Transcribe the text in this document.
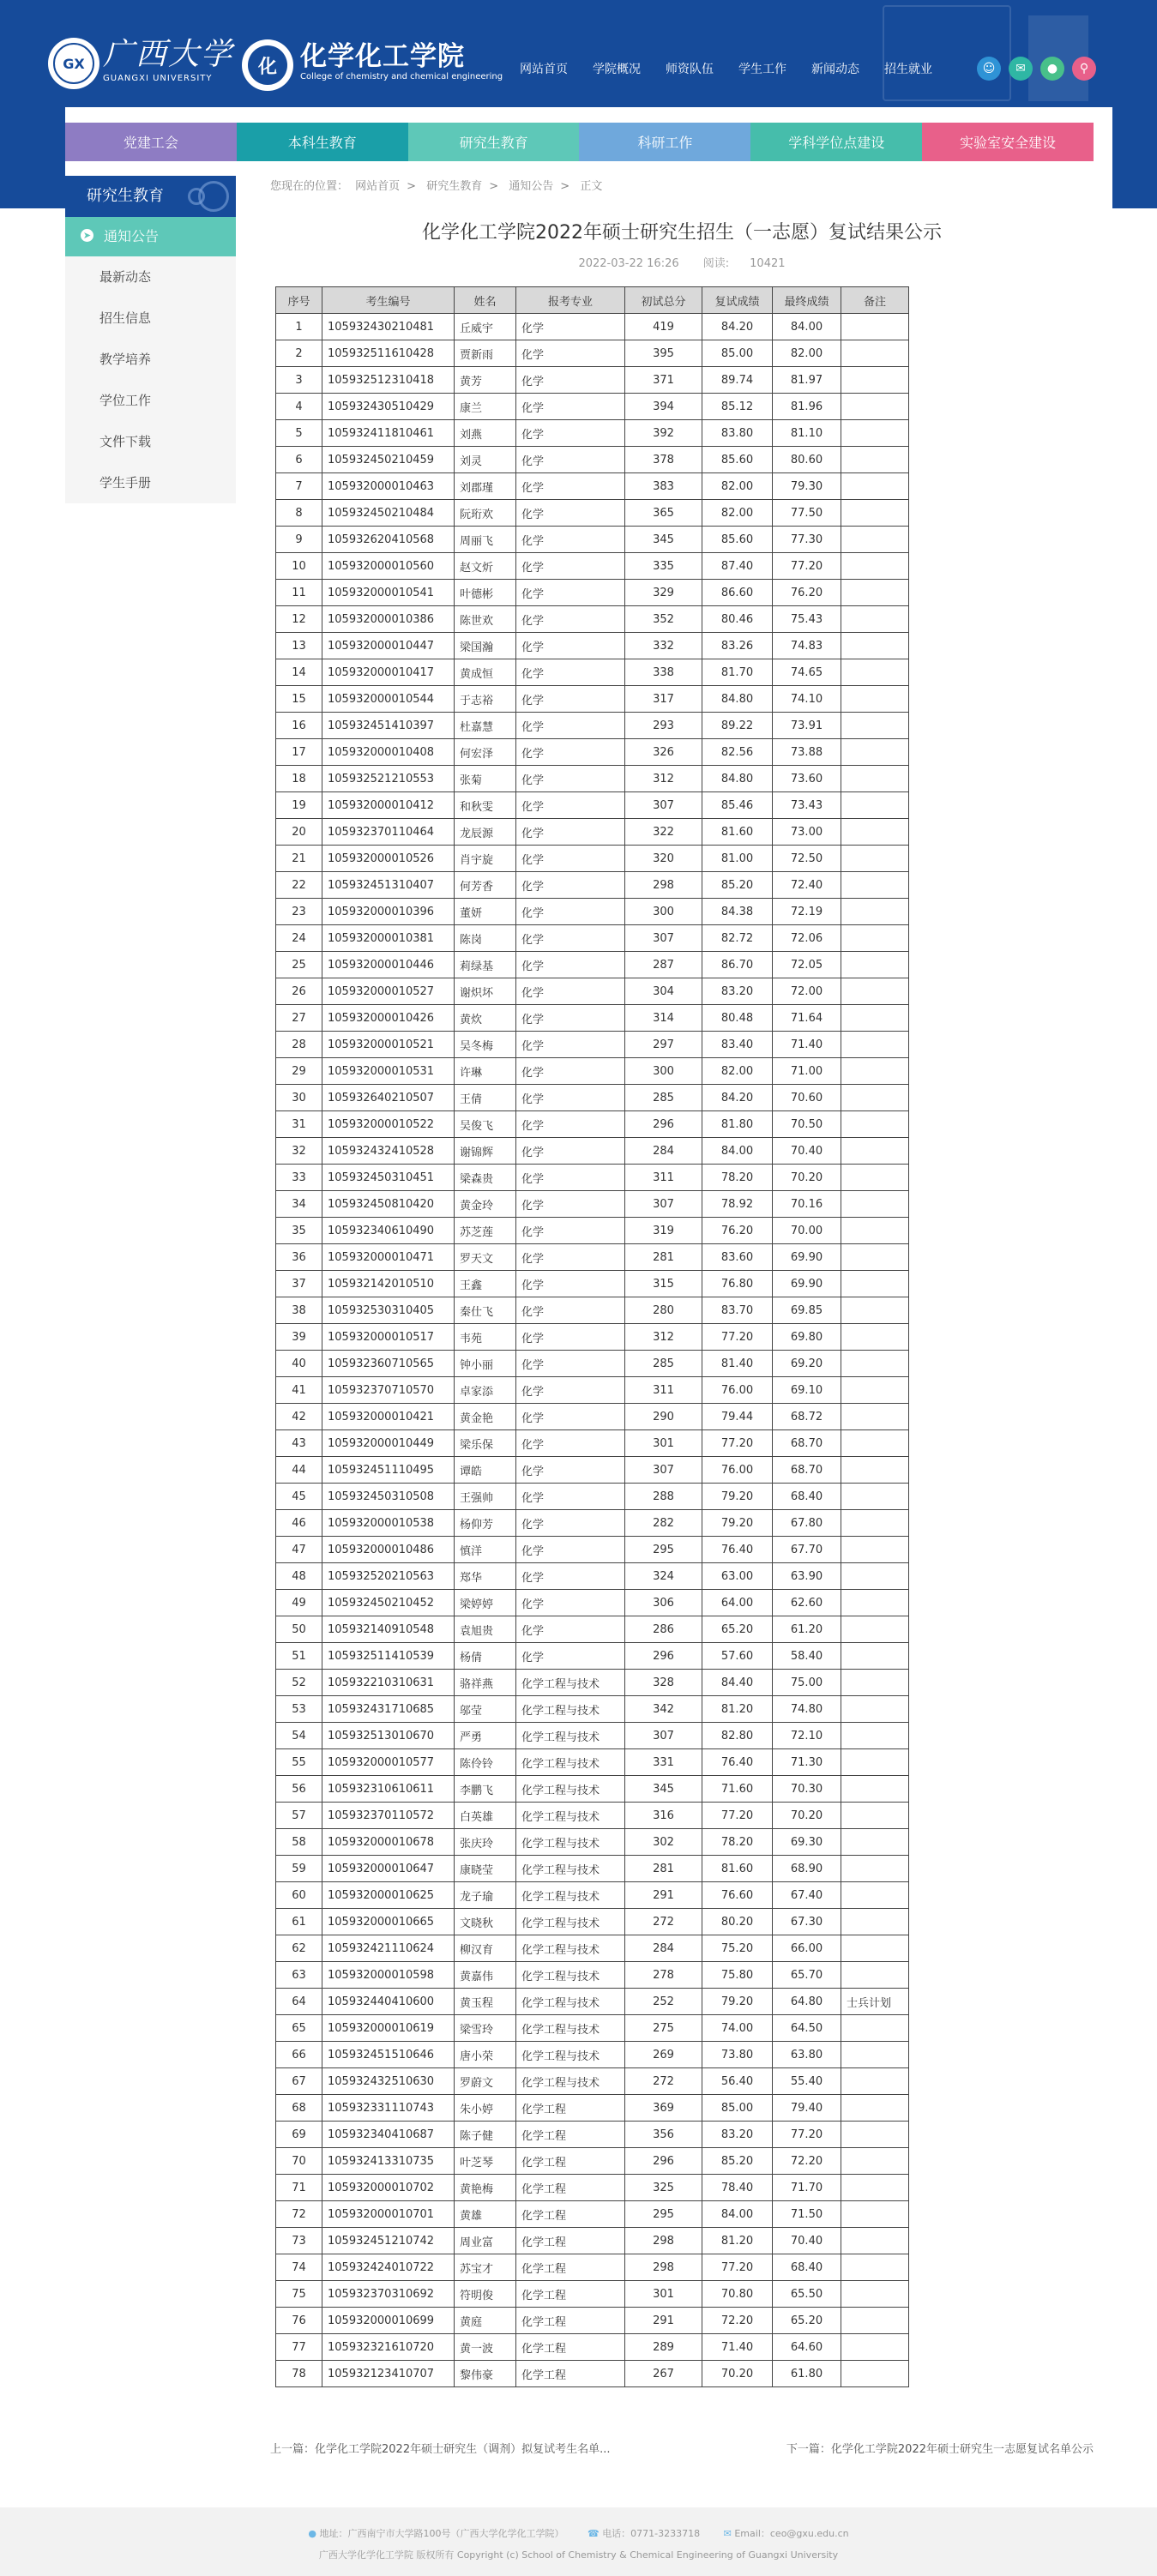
GX 广西大学
GUANGXI UNIVERSITY
化 化学化工学院
College of chemistry and chemical engineering
网站首页 学院概况 师资队伍 学生工作 新闻动态 招生就业	☺	✉	●	⚲
党建工会	本科生教育	研究生教育	科研工作	学科学位点建设	实验室安全建设
研究生教育
➤ 通知公告
最新动态
招生信息
教学培养
学位工作
文件下载
学生手册
您现在的位置： 网站首页 > 研究生教育 > 通知公告 > 正文
化学化工学院2022年硕士研究生招生（一志愿）复试结果公示
2022-03-22 16:26 阅读: 10421
序号	考生编号	姓名	报考专业	初试总分	复试成绩	最终成绩	备注
1	105932430210481	丘威宇	化学	419	84.20	84.00	
2	105932511610428	贾新雨	化学	395	85.00	82.00	
3	105932512310418	黄芳	化学	371	89.74	81.97	
4	105932430510429	康兰	化学	394	85.12	81.96	
5	105932411810461	刘燕	化学	392	83.80	81.10	
6	105932450210459	刘灵	化学	378	85.60	80.60	
7	105932000010463	刘郡瑾	化学	383	82.00	79.30	
8	105932450210484	阮珩欢	化学	365	82.00	77.50	
9	105932620410568	周丽飞	化学	345	85.60	77.30	
10	105932000010560	赵文炘	化学	335	87.40	77.20	
11	105932000010541	叶德彬	化学	329	86.60	76.20	
12	105932000010386	陈世欢	化学	352	80.46	75.43	
13	105932000010447	梁国瀚	化学	332	83.26	74.83	
14	105932000010417	黄成恒	化学	338	81.70	74.65	
15	105932000010544	于志裕	化学	317	84.80	74.10	
16	105932451410397	杜嘉慧	化学	293	89.22	73.91	
17	105932000010408	何宏泽	化学	326	82.56	73.88	
18	105932521210553	张菊	化学	312	84.80	73.60	
19	105932000010412	和秋雯	化学	307	85.46	73.43	
20	105932370110464	龙辰源	化学	322	81.60	73.00	
21	105932000010526	肖宇旋	化学	320	81.00	72.50	
22	105932451310407	何芳香	化学	298	85.20	72.40	
23	105932000010396	董妍	化学	300	84.38	72.19	
24	105932000010381	陈岗	化学	307	82.72	72.06	
25	105932000010446	莉绿基	化学	287	86.70	72.05	
26	105932000010527	谢炽坏	化学	304	83.20	72.00	
27	105932000010426	黄炊	化学	314	80.48	71.64	
28	105932000010521	吴冬梅	化学	297	83.40	71.40	
29	105932000010531	许琳	化学	300	82.00	71.00	
30	105932640210507	王倩	化学	285	84.20	70.60	
31	105932000010522	吴俊飞	化学	296	81.80	70.50	
32	105932432410528	谢锦辉	化学	284	84.00	70.40	
33	105932450310451	梁森贵	化学	311	78.20	70.20	
34	105932450810420	黄金玲	化学	307	78.92	70.16	
35	105932340610490	苏芝莲	化学	319	76.20	70.00	
36	105932000010471	罗天文	化学	281	83.60	69.90	
37	105932142010510	王鑫	化学	315	76.80	69.90	
38	105932530310405	秦仕飞	化学	280	83.70	69.85	
39	105932000010517	韦苑	化学	312	77.20	69.80	
40	105932360710565	钟小丽	化学	285	81.40	69.20	
41	105932370710570	卓家添	化学	311	76.00	69.10	
42	105932000010421	黄金艳	化学	290	79.44	68.72	
43	105932000010449	梁乐保	化学	301	77.20	68.70	
44	105932451110495	谭皓	化学	307	76.00	68.70	
45	105932450310508	王强帅	化学	288	79.20	68.40	
46	105932000010538	杨仰芳	化学	282	79.20	67.80	
47	105932000010486	慎洋	化学	295	76.40	67.70	
48	105932520210563	郑华	化学	324	63.00	63.90	
49	105932450210452	梁婷婷	化学	306	64.00	62.60	
50	105932140910548	袁旭贵	化学	286	65.20	61.20	
51	105932511410539	杨倩	化学	296	57.60	58.40	
52	105932210310631	骆祥燕	化学工程与技术	328	84.40	75.00	
53	105932431710685	邬莹	化学工程与技术	342	81.20	74.80	
54	105932513010670	严勇	化学工程与技术	307	82.80	72.10	
55	105932000010577	陈伶铃	化学工程与技术	331	76.40	71.30	
56	105932310610611	李鹏飞	化学工程与技术	345	71.60	70.30	
57	105932370110572	白英雄	化学工程与技术	316	77.20	70.20	
58	105932000010678	张庆玲	化学工程与技术	302	78.20	69.30	
59	105932000010647	康晓莹	化学工程与技术	281	81.60	68.90	
60	105932000010625	龙子瑜	化学工程与技术	291	76.60	67.40	
61	105932000010665	文晓秋	化学工程与技术	272	80.20	67.30	
62	105932421110624	柳汉育	化学工程与技术	284	75.20	66.00	
63	105932000010598	黄嘉伟	化学工程与技术	278	75.80	65.70	
64	105932440410600	黄玉程	化学工程与技术	252	79.20	64.80	士兵计划
65	105932000010619	梁雪玲	化学工程与技术	275	74.00	64.50	
66	105932451510646	唐小荣	化学工程与技术	269	73.80	63.80	
67	105932432510630	罗蔚文	化学工程与技术	272	56.40	55.40	
68	105932331110743	朱小婷	化学工程	369	85.00	79.40	
69	105932340410687	陈子健	化学工程	356	83.20	77.20	
70	105932413310735	叶芝琴	化学工程	296	85.20	72.20	
71	105932000010702	黄艳梅	化学工程	325	78.40	71.70	
72	105932000010701	黄雄	化学工程	295	84.00	71.50	
73	105932451210742	周业富	化学工程	298	81.20	70.40	
74	105932424010722	苏宝才	化学工程	298	77.20	68.40	
75	105932370310692	符明俊	化学工程	301	70.80	65.50	
76	105932000010699	黄庭	化学工程	291	72.20	65.20	
77	105932321610720	黄一波	化学工程	289	71.40	64.60	
78	105932123410707	黎伟豪	化学工程	267	70.20	61.80	
上一篇：化学化工学院2022年硕士研究生（调剂）拟复试考生名单...	下一篇：化学化工学院2022年硕士研究生一志愿复试名单公示
● 地址：广西南宁市大学路100号（广西大学化学化工学院）	☎ 电话：0771-3233718	✉ Email：ceo@gxu.edu.cn
广西大学化学化工学院 版权所有 Copyright (c) School of Chemistry & Chemical Engineering of Guangxi University
